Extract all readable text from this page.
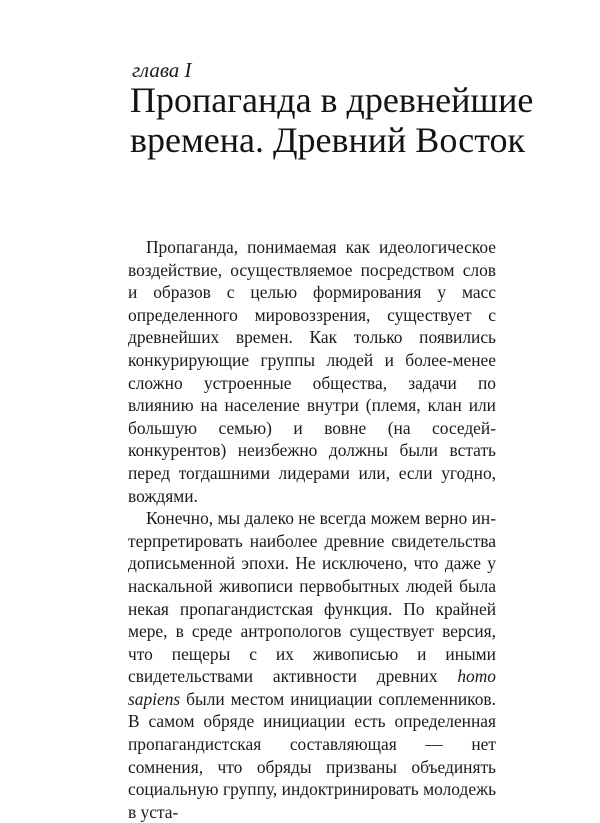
глава I
Пропаганда в древнейшие
времена. Древний Восток

Пропаганда, понимаемая как идеологическое воздействие, осуществляемое посредством слов и образов с целью формирования у масс определенного мировоззрения, существует с древнейших времен. Как только появились конкурирующие группы людей и более-менее сложно устроенные общества, задачи по влиянию на население внутри (племя, клан или большую семью) и вовне (на соседей-конкурентов) неизбежно должны были встать перед тогдашними лидерами или, если угодно, вождями.

Конечно, мы далеко не всегда можем верно интерпретировать наиболее древние свидетельства дописьменной эпохи. Не исключено, что даже у наскальной живописи первобытных людей была некая пропагандистская функция. По крайней мере, в среде антропологов существует версия, что пещеры с их живописью и иными свидетельствами активности древних homo sapiens были местом инициации соплеменников. В самом обряде инициации есть определенная пропагандистская составляющая — нет сомнения, что обряды призваны объединять социальную группу, индоктринировать молодежь в уста-
